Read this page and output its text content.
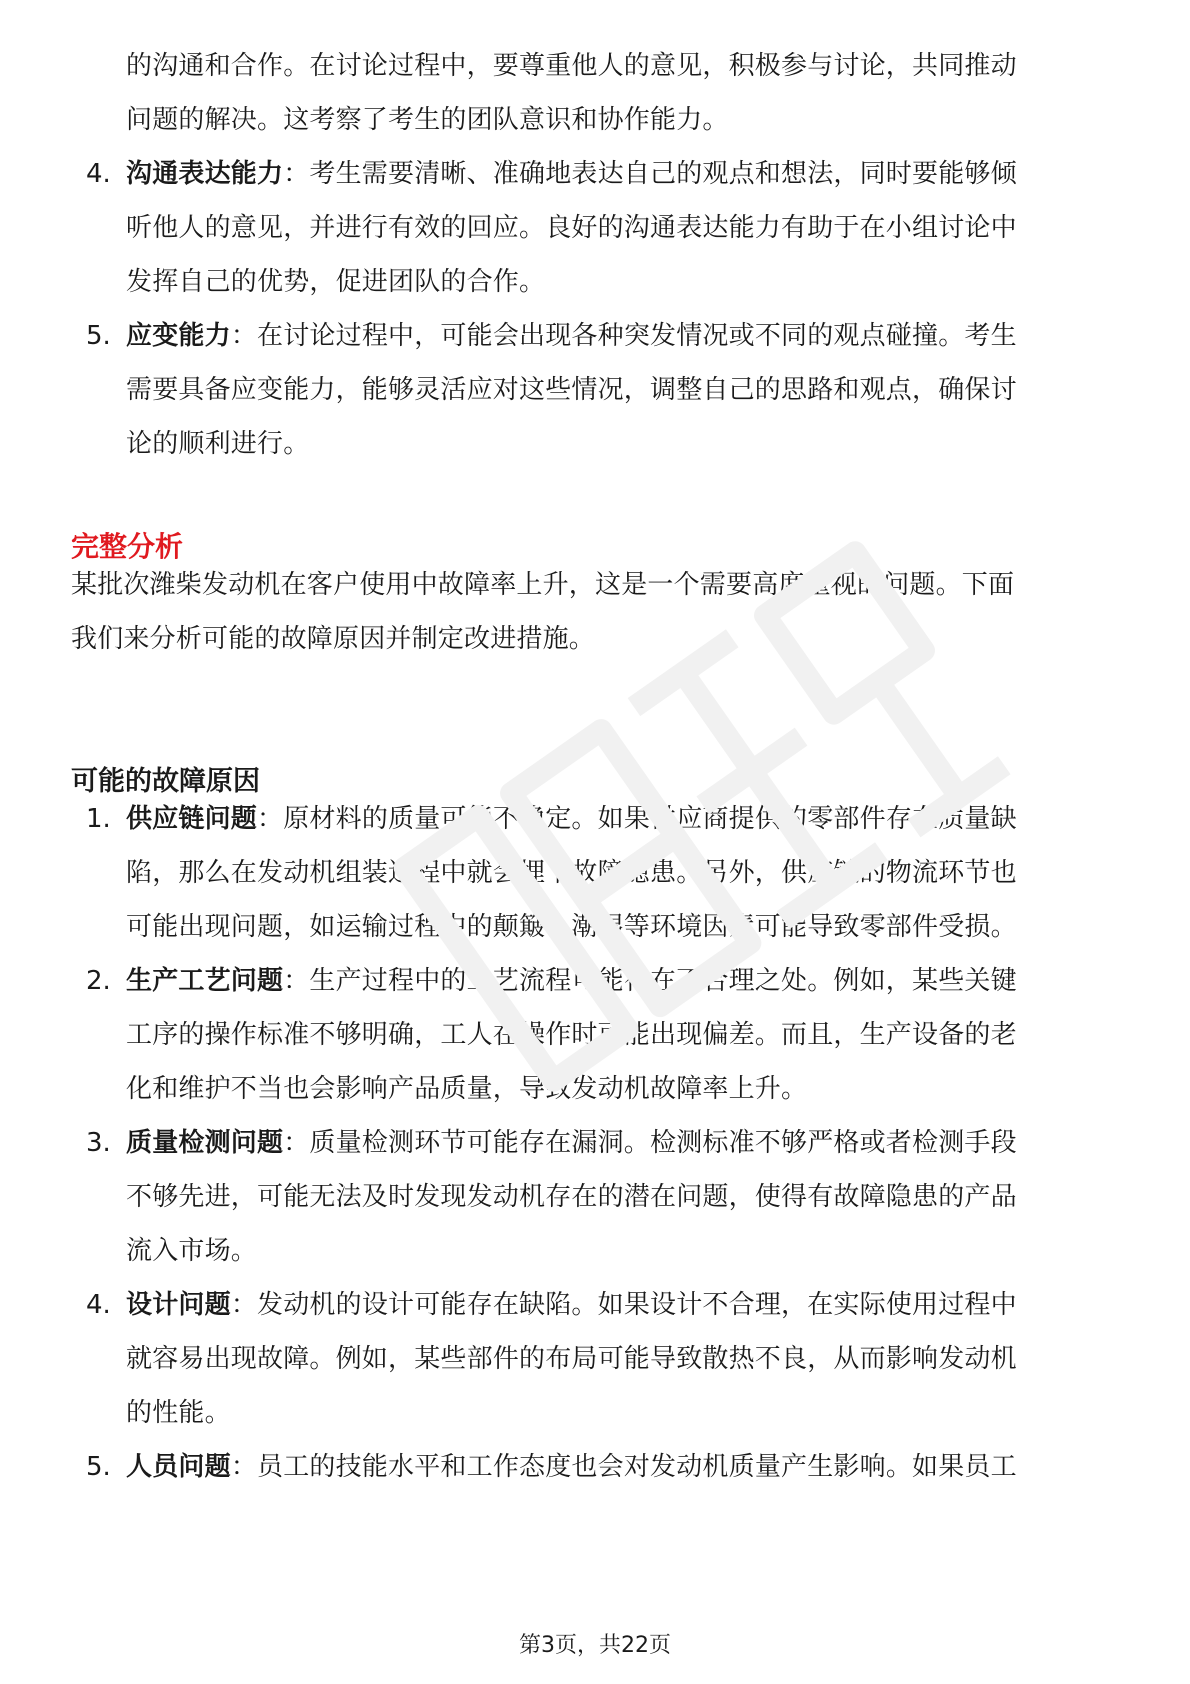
的沟通和合作。在讨论过程中，要尊重他人的意见，积极参与讨论，共同推动
问题的解决。这考察了考生的团队意识和协作能力。
4. 沟通表达能力：考生需要清晰、准确地表达自己的观点和想法，同时要能够倾
听他人的意见，并进行有效的回应。良好的沟通表达能力有助于在小组讨论中
发挥自己的优势，促进团队的合作。
5. 应变能力：在讨论过程中，可能会出现各种突发情况或不同的观点碰撞。考生
需要具备应变能力，能够灵活应对这些情况，调整自己的思路和观点，确保讨
论的顺利进行。
完整分析
某批次潍柴发动机在客户使用中故障率上升，这是一个需要高度重视的问题。下面
我们来分析可能的故障原因并制定改进措施。
可能的故障原因
1. 供应链问题：原材料的质量可能不稳定。如果供应商提供的零部件存在质量缺
陷，那么在发动机组装过程中就会埋下故障隐患。另外，供应链的物流环节也
可能出现问题，如运输过程中的颠簸、潮湿等环境因素可能导致零部件受损。
2. 生产工艺问题：生产过程中的工艺流程可能存在不合理之处。例如，某些关键
工序的操作标准不够明确，工人在操作时可能出现偏差。而且，生产设备的老
化和维护不当也会影响产品质量，导致发动机故障率上升。
3. 质量检测问题：质量检测环节可能存在漏洞。检测标准不够严格或者检测手段
不够先进，可能无法及时发现发动机存在的潜在问题，使得有故障隐患的产品
流入市场。
4. 设计问题：发动机的设计可能存在缺陷。如果设计不合理，在实际使用过程中
就容易出现故障。例如，某些部件的布局可能导致散热不良，从而影响发动机
的性能。
5. 人员问题：员工的技能水平和工作态度也会对发动机质量产生影响。如果员工
第3页，共22页
